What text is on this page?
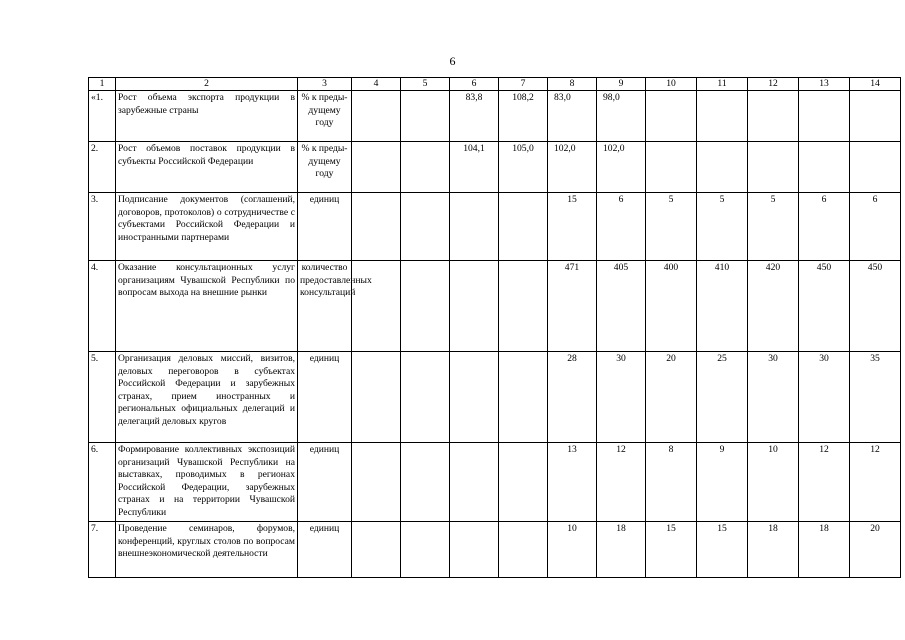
6
1	2	3	4	5	6	7	8	9	10	11	12	13	14
«1.	Рост объема экспорта продукции в зарубежные страны	% к преды-дущему году			83,8	108,2	83,0	98,0					
2.	Рост объемов поставок продукции в субъекты Российской Федерации	% к преды-дущему году			104,1	105,0	102,0	102,0					
3.	Подписание документов (соглашений, договоров, протоколов) о сотрудничестве с субъектами Российской Федерации и иностранными партнерами	единиц					15	6	5	5	5	6	6
4.	Оказание консультационных услуг организациям Чувашской Республики по вопросам выхода на внешние рынки	количество предоставленных консультаций					471	405	400	410	420	450	450
5.	Организация деловых миссий, визитов, деловых переговоров в субъектах Российской Федерации и зарубежных странах, прием иностранных и региональных официальных делегаций и делегаций деловых кругов	единиц					28	30	20	25	30	30	35
6.	Формирование коллективных экспозиций организаций Чувашской Республики на выставках, проводимых в регионах Российской Федерации, зарубежных странах и на территории Чувашской Республики	единиц					13	12	8	9	10	12	12
7.	Проведение семинаров, форумов, конференций, круглых столов по вопросам внешнеэкономической деятельности	единиц					10	18	15	15	18	18	20
